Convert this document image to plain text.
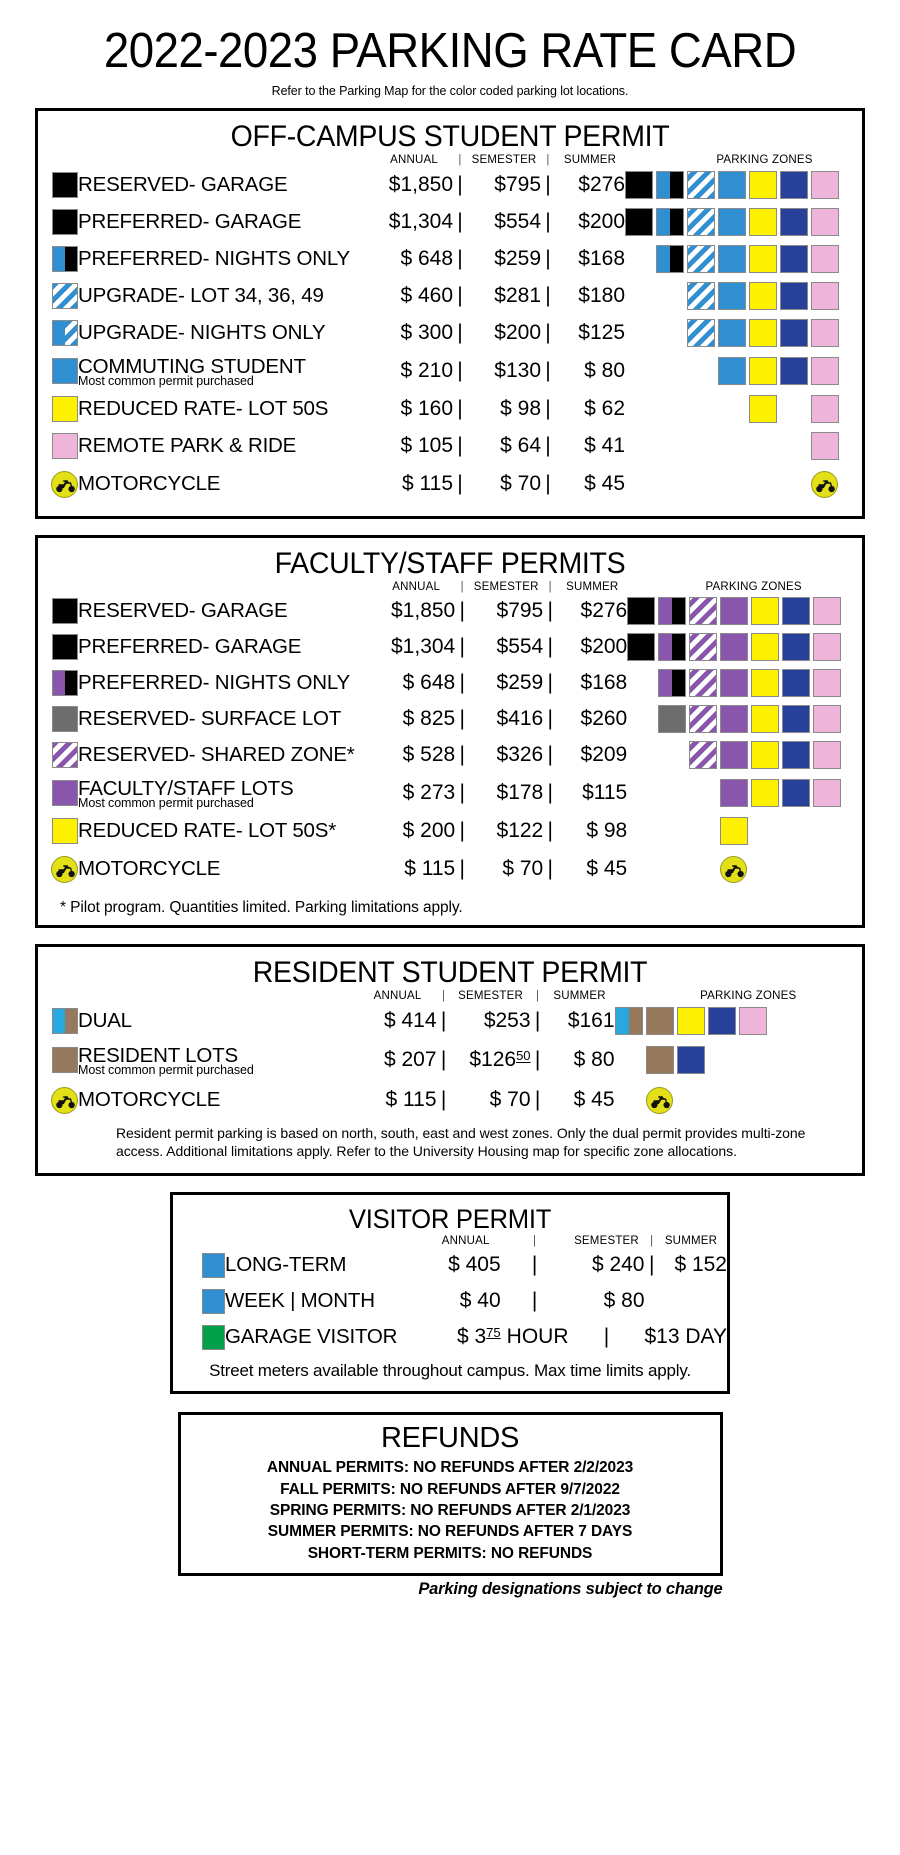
2022-2023 PARKING RATE CARD
Refer to the Parking Map for the color coded parking lot locations.
OFF-CAMPUS STUDENT PERMIT
		ANNUAL	|	SEMESTER	|	SUMMER	PARKING ZONES
	RESERVED- GARAGE	$1,850	|	$795	|	$276	

	PREFERRED- GARAGE	$1,304	|	$554	|	$200	

	PREFERRED- NIGHTS ONLY	$ 648	|	$259	|	$168	

	UPGRADE- LOT 34, 36, 49	$ 460	|	$281	|	$180	

	UPGRADE- NIGHTS ONLY	$ 300	|	$200	|	$125	
	COMMUTING STUDENT
Most common permit purchased	$ 210	|	$130	|	$ 80	
	REDUCED RATE- LOT 50S	$ 160	|	$ 98	|	$ 62	
	REMOTE PARK & RIDE	$ 105	|	$ 64	|	$ 41	

	MOTORCYCLE	$ 115	|	$ 70	|	$ 45	
FACULTY/STAFF PERMITS
		ANNUAL	|	SEMESTER	|	SUMMER	PARKING ZONES
	RESERVED- GARAGE	$1,850	|	$795	|	$276	

	PREFERRED- GARAGE	$1,304	|	$554	|	$200	

	PREFERRED- NIGHTS ONLY	$ 648	|	$259	|	$168	

	RESERVED- SURFACE LOT	$ 825	|	$416	|	$260	
	RESERVED- SHARED ZONE*	$ 528	|	$326	|	$209	
	FACULTY/STAFF LOTS
Most common permit purchased	$ 273	|	$178	|	$115	
	REDUCED RATE- LOT 50S*	$ 200	|	$122	|	$ 98	

	MOTORCYCLE	$ 115	|	$ 70	|	$ 45	
* Pilot program. Quantities limited. Parking limitations apply.
RESIDENT STUDENT PERMIT
		ANNUAL	|	SEMESTER	|	SUMMER	PARKING ZONES

	DUAL	$ 414	|	$253	|	$161	

	RESIDENT LOTS
Most common permit purchased	$ 207	|	$\$126^{50}$	|	$ 80	

	MOTORCYCLE	$ 115	|	$ 70	|	$ 45	
Resident permit parking is based on north, south, east and west zones. Only the dual permit provides multi-zone access. Additional limitations apply. Refer to the University Housing map for specific zone allocations.
VISITOR PERMIT
		ANNUAL	|	SEMESTER	|	SUMMER
	LONG-TERM	$ 405	|	$ 240	|	$ 152
	WEEK | MONTH	$ 40	|	$ 80		
	GARAGE VISITOR	$ $3^{75}$	HOUR	|	$13 DAY	
Street meters available throughout campus. Max time limits apply.
REFUNDS
ANNUAL PERMITS: NO REFUNDS AFTER 2/2/2023
FALL PERMITS: NO REFUNDS AFTER 9/7/2022
SPRING PERMITS: NO REFUNDS AFTER 2/1/2023
SUMMER PERMITS: NO REFUNDS AFTER 7 DAYS
SHORT-TERM PERMITS: NO REFUNDS
Parking designations subject to change
